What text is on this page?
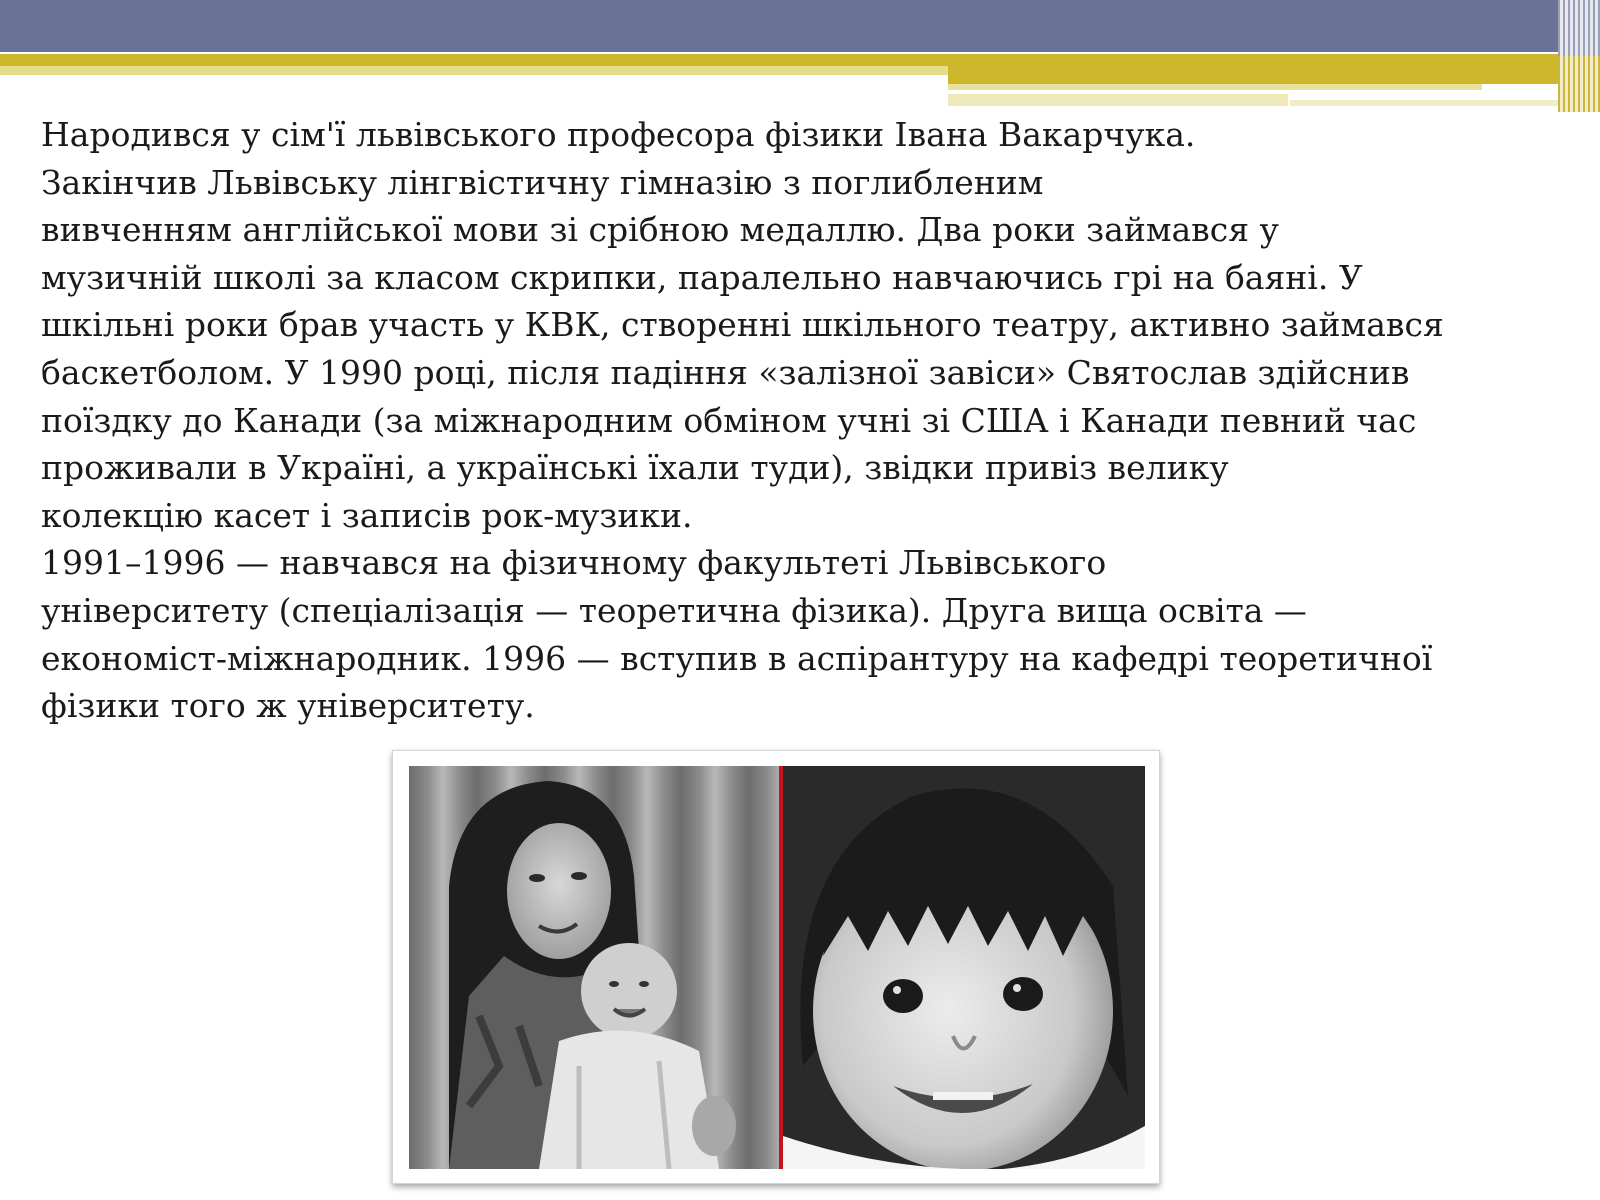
Народився у сім'ї львівського професора фізики Івана Вакарчука.

Закінчив Львівську лінгвістичну гімназію з поглибленим

вивченням англійської мови зі срібною медаллю. Два роки займався у

музичній школі за класом скрипки, паралельно навчаючись грі на баяні. У

шкільні роки брав участь у КВК, створенні шкільного театру, активно займався

баскетболом. У 1990 році, після падіння «залізної завіси» Святослав здійснив

поїздку до Канади (за міжнародним обміном учні зі США і Канади певний час

проживали в Україні, а українські їхали туди), звідки привіз велику

колекцію касет і записів рок-музики.

1991–1996 — навчався на фізичному факультеті Львівського

університету (спеціалізація — теоретична фізика). Друга вища освіта —

економіст-міжнародник. 1996 — вступив в аспірантуру на кафедрі теоретичної

фізики того ж університету.
